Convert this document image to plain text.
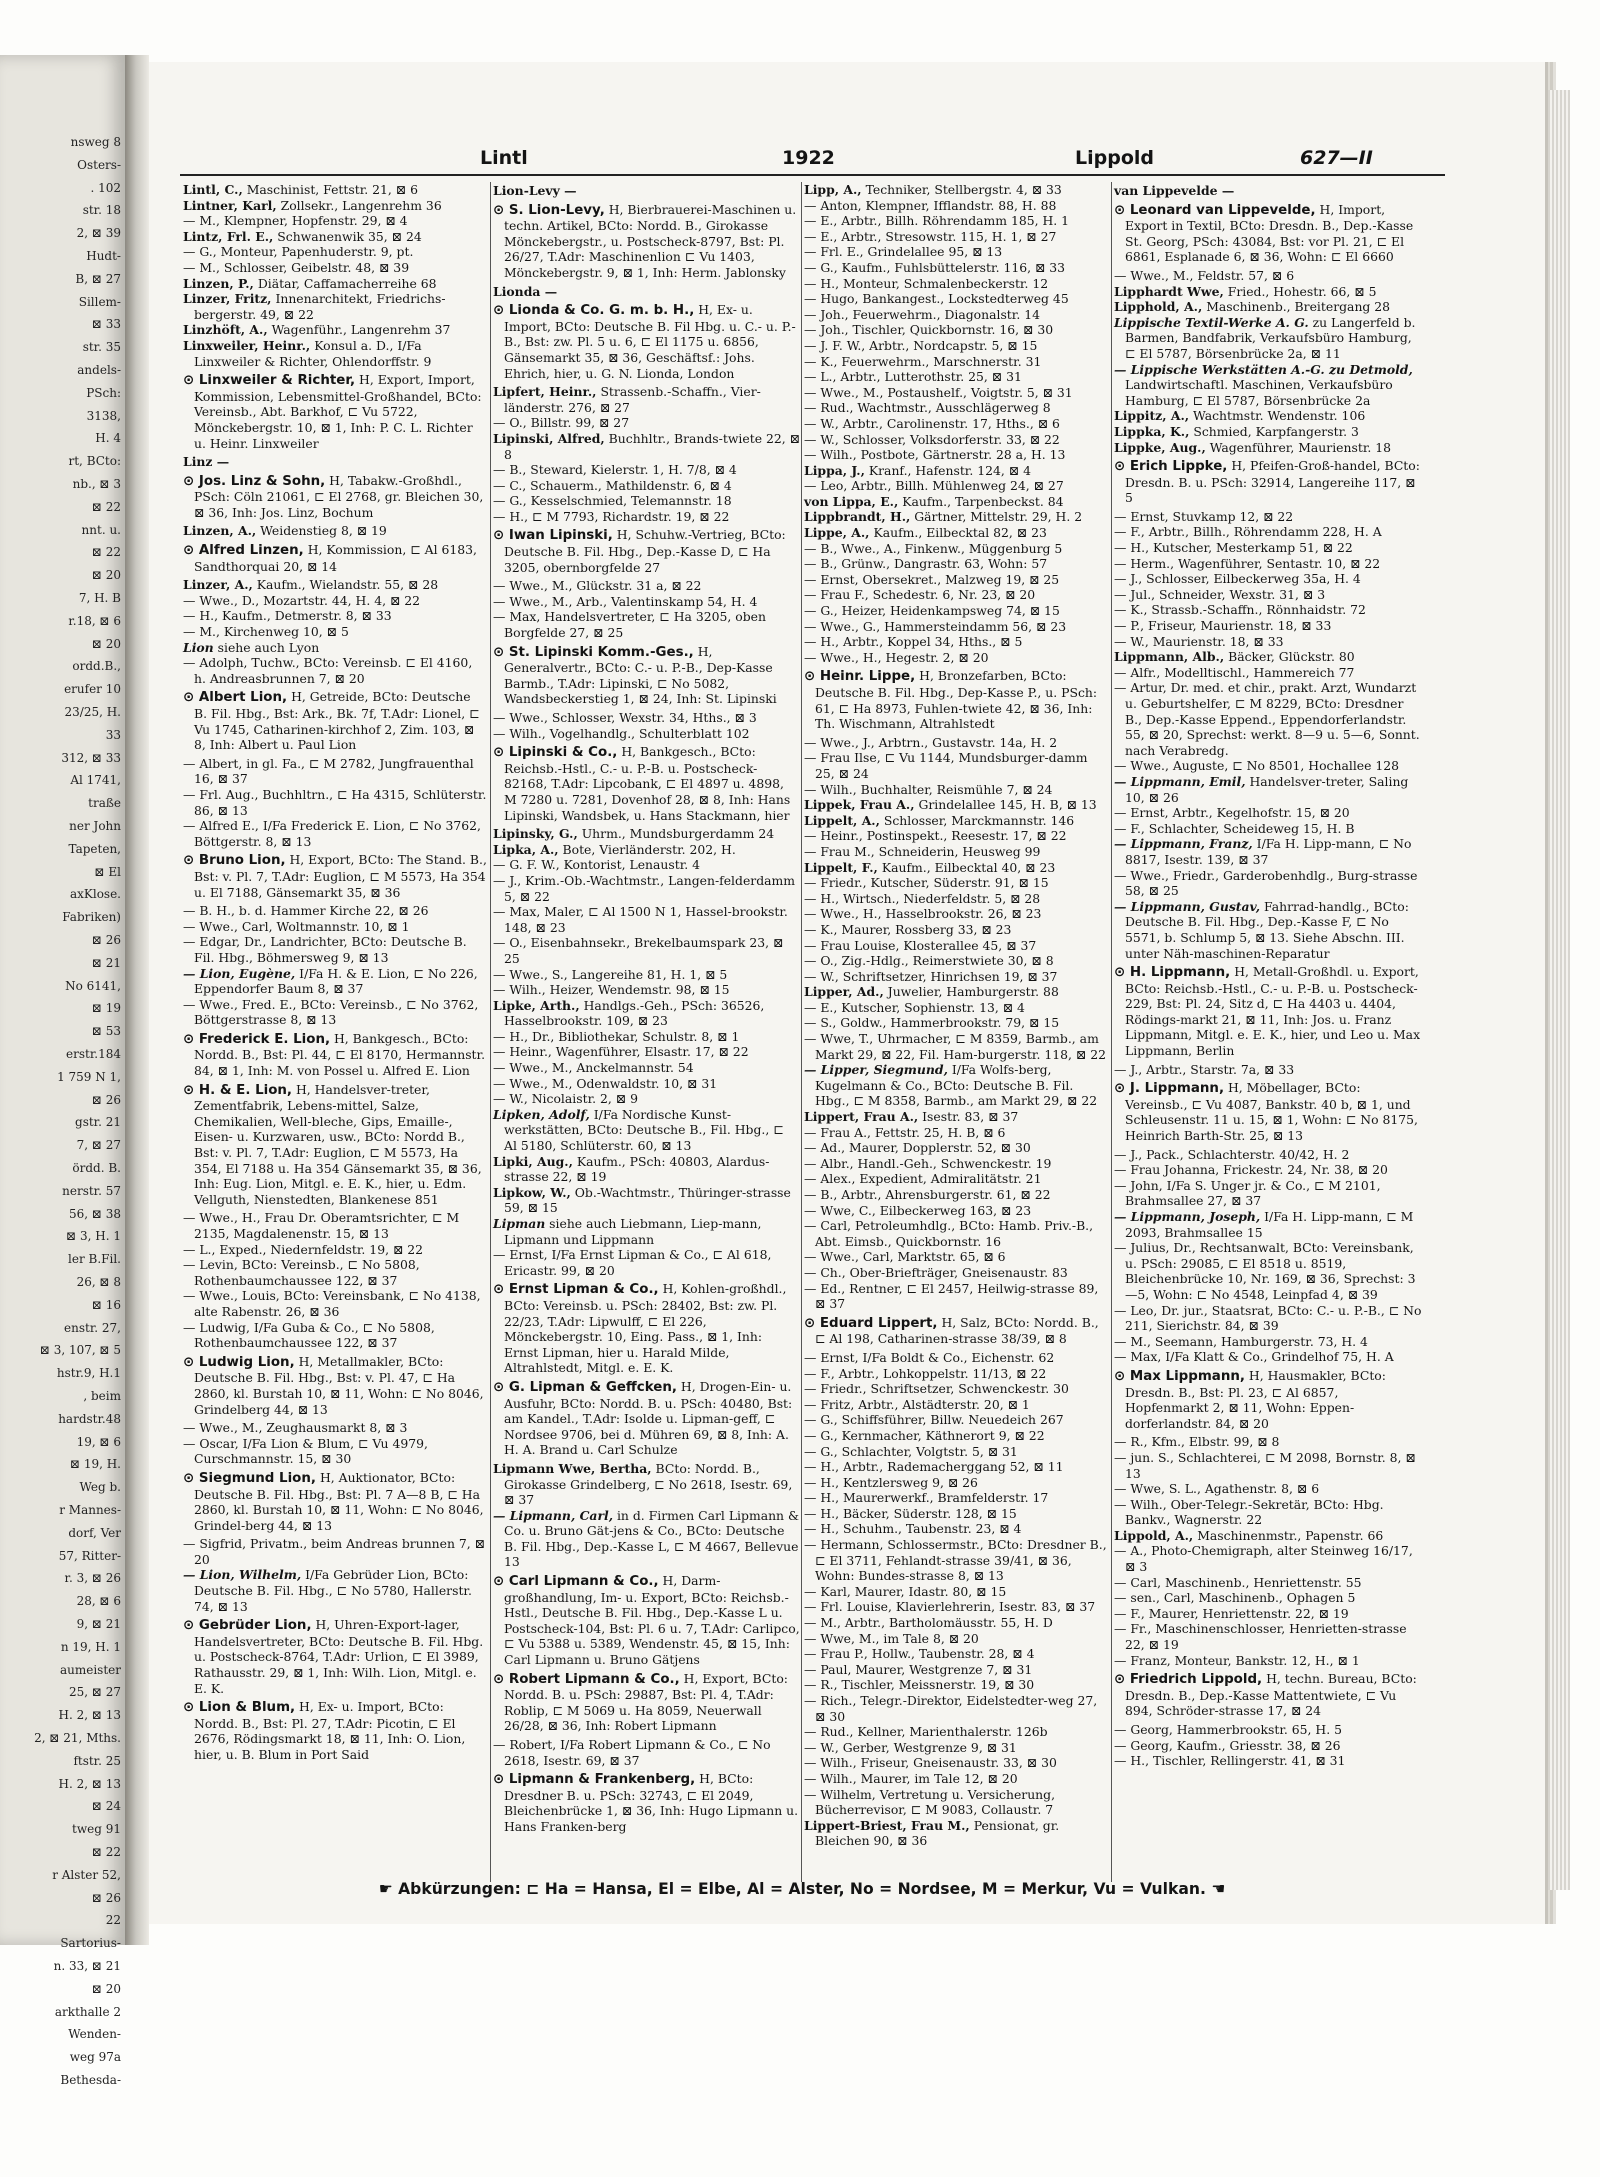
nsweg 8
Osters-
. 102
str. 18
2, ⊠ 39
Hudt-
B, ⊠ 27
Sillem-
⊠ 33
str. 35
andels-
PSch:
3138,
H. 4
rt, BCto:
nb., ⊠ 3
⊠ 22
nnt. u.
⊠ 22
⊠ 20
7, H. B
r.18, ⊠ 6
⊠ 20
ordd.B.,
erufer 10
23/25, H.
33
312, ⊠ 33
Al 1741,
traße
ner John
Tapeten,
⊠ El
axKlose.
Fabriken)
⊠ 26
⊠ 21
No 6141,
⊠ 19
⊠ 53
erstr.184
1 759 N 1,
⊠ 26
gstr. 21
7, ⊠ 27
ördd. B.
nerstr. 57
56, ⊠ 38
⊠ 3, H. 1
ler B.Fil.
26, ⊠ 8
⊠ 16
enstr. 27,
⊠ 3, 107, ⊠ 5
hstr.9, H.1
, beim
hardstr.48
19, ⊠ 6
⊠ 19, H.
Weg b.
r Mannes-
dorf, Ver
57, Ritter-
r. 3, ⊠ 26
28, ⊠ 6
9, ⊠ 21
n 19, H. 1
aumeister
25, ⊠ 27
H. 2, ⊠ 13
2, ⊠ 21, Mths.
ftstr. 25
H. 2, ⊠ 13
⊠ 24
tweg 91
⊠ 22
r Alster 52,
⊠ 26
22
Sartorius-
n. 33, ⊠ 21
⊠ 20
arkthalle 2
Wenden-
weg 97a
Bethesda-
Lintl	1922	Lippold	627—II
Lintl, C., Maschinist, Fettstr. 21, ⊠ 6
Lintner, Karl, Zollsekr., Langenrehm 36
— M., Klempner, Hopfenstr. 29, ⊠ 4
Lintz, Frl. E., Schwanenwik 35, ⊠ 24
— G., Monteur, Papenhuderstr. 9, pt.
— M., Schlosser, Geibelstr. 48, ⊠ 39
Linzen, P., Diätar, Caffamacherreihe 68
Linzer, Fritz, Innenarchitekt, Friedrichs-bergerstr. 49, ⊠ 22
Linzhöft, A., Wagenführ., Langenrehm 37
Linxweiler, Heinr., Konsul a. D., I/Fa Linxweiler & Richter, Ohlendorffstr. 9
⊙ Linxweiler & Richter, H, Export, Import, Kommission, Lebensmittel-Großhandel, BCto: Vereinsb., Abt. Barkhof, ⊏ Vu 5722, Mönckebergstr. 10, ⊠ 1, Inh: P. C. L. Richter u. Heinr. Linxweiler
Linz —
⊙ Jos. Linz & Sohn, H, Tabakw.-Großhdl., PSch: Cöln 21061, ⊏ El 2768, gr. Bleichen 30, ⊠ 36, Inh: Jos. Linz, Bochum
Linzen, A., Weidenstieg 8, ⊠ 19
⊙ Alfred Linzen, H, Kommission, ⊏ Al 6183, Sandthorquai 20, ⊠ 14
Linzer, A., Kaufm., Wielandstr. 55, ⊠ 28
— Wwe., D., Mozartstr. 44, H. 4, ⊠ 22
— H., Kaufm., Detmerstr. 8, ⊠ 33
— M., Kirchenweg 10, ⊠ 5
Lion siehe auch Lyon
— Adolph, Tuchw., BCto: Vereinsb. ⊏ El 4160, h. Andreasbrunnen 7, ⊠ 20
⊙ Albert Lion, H, Getreide, BCto: Deutsche B. Fil. Hbg., Bst: Ark., Bk. 7f, T.Adr: Lionel, ⊏ Vu 1745, Catharinen-kirchhof 2, Zim. 103, ⊠ 8, Inh: Albert u. Paul Lion
— Albert, in gl. Fa., ⊏ M 2782, Jungfrauenthal 16, ⊠ 37
— Frl. Aug., Buchhltrn., ⊏ Ha 4315, Schlüterstr. 86, ⊠ 13
— Alfred E., I/Fa Frederick E. Lion, ⊏ No 3762, Böttgerstr. 8, ⊠ 13
⊙ Bruno Lion, H, Export, BCto: The Stand. B., Bst: v. Pl. 7, T.Adr: Euglion, ⊏ M 5573, Ha 354 u. El 7188, Gänsemarkt 35, ⊠ 36
— B. H., b. d. Hammer Kirche 22, ⊠ 26
— Wwe., Carl, Woltmannstr. 10, ⊠ 1
— Edgar, Dr., Landrichter, BCto: Deutsche B. Fil. Hbg., Böhmersweg 9, ⊠ 13
— Lion, Eugène, I/Fa H. & E. Lion, ⊏ No 226, Eppendorfer Baum 8, ⊠ 37
— Wwe., Fred. E., BCto: Vereinsb., ⊏ No 3762, Böttgerstrasse 8, ⊠ 13
⊙ Frederick E. Lion, H, Bankgesch., BCto: Nordd. B., Bst: Pl. 44, ⊏ El 8170, Hermannstr. 84, ⊠ 1, Inh: M. von Possel u. Alfred E. Lion
⊙ H. & E. Lion, H, Handelsver-treter, Zementfabrik, Lebens-mittel, Salze, Chemikalien, Well-bleche, Gips, Emaille-, Eisen- u. Kurzwaren, usw., BCto: Nordd B., Bst: v. Pl. 7, T.Adr: Euglion, ⊏ M 5573, Ha 354, El 7188 u. Ha 354 Gänsemarkt 35, ⊠ 36, Inh: Eug. Lion, Mitgl. e. E. K., hier, u. Edm. Vellguth, Nienstedten, Blankenese 851
— Wwe., H., Frau Dr. Oberamtsrichter, ⊏ M 2135, Magdalenenstr. 15, ⊠ 13
— L., Exped., Niedernfeldstr. 19, ⊠ 22
— Levin, BCto: Vereinsb., ⊏ No 5808, Rothenbaumchaussee 122, ⊠ 37
— Wwe., Louis, BCto: Vereinsbank, ⊏ No 4138, alte Rabenstr. 26, ⊠ 36
— Ludwig, I/Fa Guba & Co., ⊏ No 5808, Rothenbaumchaussee 122, ⊠ 37
⊙ Ludwig Lion, H, Metallmakler, BCto: Deutsche B. Fil. Hbg., Bst: v. Pl. 47, ⊏ Ha 2860, kl. Burstah 10, ⊠ 11, Wohn: ⊏ No 8046, Grindelberg 44, ⊠ 13
— Wwe., M., Zeughausmarkt 8, ⊠ 3
— Oscar, I/Fa Lion & Blum, ⊏ Vu 4979, Curschmannstr. 15, ⊠ 30
⊙ Siegmund Lion, H, Auktionator, BCto: Deutsche B. Fil. Hbg., Bst: Pl. 7 A—8 B, ⊏ Ha 2860, kl. Burstah 10, ⊠ 11, Wohn: ⊏ No 8046, Grindel-berg 44, ⊠ 13
— Sigfrid, Privatm., beim Andreas brunnen 7, ⊠ 20
— Lion, Wilhelm, I/Fa Gebrüder Lion, BCto: Deutsche B. Fil. Hbg., ⊏ No 5780, Hallerstr. 74, ⊠ 13
⊙ Gebrüder Lion, H, Uhren-Export-lager, Handelsvertreter, BCto: Deutsche B. Fil. Hbg. u. Postscheck-8764, T.Adr: Urlion, ⊏ El 3989, Rathausstr. 29, ⊠ 1, Inh: Wilh. Lion, Mitgl. e. E. K.
⊙ Lion & Blum, H, Ex- u. Import, BCto: Nordd. B., Bst: Pl. 27, T.Adr: Picotin, ⊏ El 2676, Rödingsmarkt 18, ⊠ 11, Inh: O. Lion, hier, u. B. Blum in Port Said
Lion-Levy —
⊙ S. Lion-Levy, H, Bierbrauerei-Maschinen u. techn. Artikel, BCto: Nordd. B., Girokasse Mönckebergstr., u. Postscheck-8797, Bst: Pl. 26/27, T.Adr: Maschinenlion ⊏ Vu 1403, Mönckebergstr. 9, ⊠ 1, Inh: Herm. Jablonsky
Lionda —
⊙ Lionda & Co. G. m. b. H., H, Ex- u. Import, BCto: Deutsche B. Fil Hbg. u. C.- u. P.-B., Bst: zw. Pl. 5 u. 6, ⊏ El 1175 u. 6856, Gänsemarkt 35, ⊠ 36, Geschäftsf.: Johs. Ehrich, hier, u. G. N. Lionda, London
Lipfert, Heinr., Strassenb.-Schaffn., Vier-länderstr. 276, ⊠ 27
— O., Billstr. 99, ⊠ 27
Lipinski, Alfred, Buchhltr., Brands-twiete 22, ⊠ 8
— B., Steward, Kielerstr. 1, H. 7/8, ⊠ 4
— C., Schauerm., Mathildenstr. 6, ⊠ 4
— G., Kesselschmied, Telemannstr. 18
— H., ⊏ M 7793, Richardstr. 19, ⊠ 22
⊙ Iwan Lipinski, H, Schuhw.-Vertrieg, BCto: Deutsche B. Fil. Hbg., Dep.-Kasse D, ⊏ Ha 3205, obernborgfelde 27
— Wwe., M., Glückstr. 31 a, ⊠ 22
— Wwe., M., Arb., Valentinskamp 54, H. 4
— Max, Handelsvertreter, ⊏ Ha 3205, oben Borgfelde 27, ⊠ 25
⊙ St. Lipinski Komm.-Ges., H, Generalvertr., BCto: C.- u. P.-B., Dep-Kasse Barmb., T.Adr: Lipinski, ⊏ No 5082, Wandsbeckerstieg 1, ⊠ 24, Inh: St. Lipinski
— Wwe., Schlosser, Wexstr. 34, Hths., ⊠ 3
— Wilh., Vogelhandlg., Schulterblatt 102
⊙ Lipinski & Co., H, Bankgesch., BCto: Reichsb.-Hstl., C.- u. P.-B. u. Postscheck-82168, T.Adr: Lipcobank, ⊏ El 4897 u. 4898, M 7280 u. 7281, Dovenhof 28, ⊠ 8, Inh: Hans Lipinski, Wandsbek, u. Hans Stackmann, hier
Lipinsky, G., Uhrm., Mundsburgerdamm 24
Lipka, A., Bote, Vierländerstr. 202, H.
— G. F. W., Kontorist, Lenaustr. 4
— J., Krim.-Ob.-Wachtmstr., Langen-felderdamm 5, ⊠ 22
— Max, Maler, ⊏ Al 1500 N 1, Hassel-brookstr. 148, ⊠ 23
— O., Eisenbahnsekr., Brekelbaumspark 23, ⊠ 25
— Wwe., S., Langereihe 81, H. 1, ⊠ 5
— Wilh., Heizer, Wendemstr. 98, ⊠ 15
Lipke, Arth., Handlgs.-Geh., PSch: 36526, Hasselbrookstr. 109, ⊠ 23
— H., Dr., Bibliothekar, Schulstr. 8, ⊠ 1
— Heinr., Wagenführer, Elsastr. 17, ⊠ 22
— Wwe., M., Anckelmannstr. 54
— Wwe., M., Odenwaldstr. 10, ⊠ 31
— W., Nicolaistr. 2, ⊠ 9
Lipken, Adolf, I/Fa Nordische Kunst-werkstätten, BCto: Deutsche B., Fil. Hbg., ⊏ Al 5180, Schlüterstr. 60, ⊠ 13
Lipki, Aug., Kaufm., PSch: 40803, Alardus-strasse 22, ⊠ 19
Lipkow, W., Ob.-Wachtmstr., Thüringer-strasse 59, ⊠ 15
Lipman siehe auch Liebmann, Liep-mann, Lipmann und Lippmann
— Ernst, I/Fa Ernst Lipman & Co., ⊏ Al 618, Ericastr. 99, ⊠ 20
⊙ Ernst Lipman & Co., H, Kohlen-großhdl., BCto: Vereinsb. u. PSch: 28402, Bst: zw. Pl. 22/23, T.Adr: Lipwulff, ⊏ El 226, Mönckebergstr. 10, Eing. Pass., ⊠ 1, Inh: Ernst Lipman, hier u. Harald Milde, Altrahlstedt, Mitgl. e. E. K.
⊙ G. Lipman & Geffcken, H, Drogen-Ein- u. Ausfuhr, BCto: Nordd. B. u. PSch: 40480, Bst: am Kandel., T.Adr: Isolde u. Lipman-geff, ⊏ Nordsee 9706, bei d. Mühren 69, ⊠ 8, Inh: A. H. A. Brand u. Carl Schulze
Lipmann Wwe, Bertha, BCto: Nordd. B., Girokasse Grindelberg, ⊏ No 2618, Isestr. 69, ⊠ 37
— Lipmann, Carl, in d. Firmen Carl Lipmann & Co. u. Bruno Gät-jens & Co., BCto: Deutsche B. Fil. Hbg., Dep.-Kasse L, ⊏ M 4667, Bellevue 13
⊙ Carl Lipmann & Co., H, Darm-großhandlung, Im- u. Export, BCto: Reichsb.-Hstl., Deutsche B. Fil. Hbg., Dep.-Kasse L u. Postscheck-104, Bst: Pl. 6 u. 7, T.Adr: Carlipco, ⊏ Vu 5388 u. 5389, Wendenstr. 45, ⊠ 15, Inh: Carl Lipmann u. Bruno Gätjens
⊙ Robert Lipmann & Co., H, Export, BCto: Nordd. B. u. PSch: 29887, Bst: Pl. 4, T.Adr: Roblip, ⊏ M 5069 u. Ha 8059, Neuerwall 26/28, ⊠ 36, Inh: Robert Lipmann
— Robert, I/Fa Robert Lipmann & Co., ⊏ No 2618, Isestr. 69, ⊠ 37
⊙ Lipmann & Frankenberg, H, BCto: Dresdner B. u. PSch: 32743, ⊏ El 2049, Bleichenbrücke 1, ⊠ 36, Inh: Hugo Lipmann u. Hans Franken-berg
Lipp, A., Techniker, Stellbergstr. 4, ⊠ 33
— Anton, Klempner, Ifflandstr. 88, H. 88
— E., Arbtr., Billh. Röhrendamm 185, H. 1
— E., Arbtr., Stresowstr. 115, H. 1, ⊠ 27
— Frl. E., Grindelallee 95, ⊠ 13
— G., Kaufm., Fuhlsbüttelerstr. 116, ⊠ 33
— H., Monteur, Schmalenbeckerstr. 12
— Hugo, Bankangest., Lockstedterweg 45
— Joh., Feuerwehrm., Diagonalstr. 14
— Joh., Tischler, Quickbornstr. 16, ⊠ 30
— J. F. W., Arbtr., Nordcapstr. 5, ⊠ 15
— K., Feuerwehrm., Marschnerstr. 31
— L., Arbtr., Lutterothstr. 25, ⊠ 31
— Wwe., M., Postaushelf., Voigtstr. 5, ⊠ 31
— Rud., Wachtmstr., Ausschlägerweg 8
— W., Arbtr., Carolinenstr. 17, Hths., ⊠ 6
— W., Schlosser, Volksdorferstr. 33, ⊠ 22
— Wilh., Postbote, Gärtnerstr. 28 a, H. 13
Lippa, J., Kranf., Hafenstr. 124, ⊠ 4
— Leo, Arbtr., Billh. Mühlenweg 24, ⊠ 27
von Lippa, E., Kaufm., Tarpenbeckst. 84
Lippbrandt, H., Gärtner, Mittelstr. 29, H. 2
Lippe, A., Kaufm., Eilbecktal 82, ⊠ 23
— B., Wwe., A., Finkenw., Müggenburg 5
— B., Grünw., Dangrastr. 63, Wohn: 57
— Ernst, Obersekret., Malzweg 19, ⊠ 25
— Frau F., Schedestr. 6, Nr. 23, ⊠ 20
— G., Heizer, Heidenkampsweg 74, ⊠ 15
— Wwe., G., Hammersteindamm 56, ⊠ 23
— H., Arbtr., Koppel 34, Hths., ⊠ 5
— Wwe., H., Hegestr. 2, ⊠ 20
⊙ Heinr. Lippe, H, Bronzefarben, BCto: Deutsche B. Fil. Hbg., Dep-Kasse P., u. PSch: 61, ⊏ Ha 8973, Fuhlen-twiete 42, ⊠ 36, Inh: Th. Wischmann, Altrahlstedt
— Wwe., J., Arbtrn., Gustavstr. 14a, H. 2
— Frau Ilse, ⊏ Vu 1144, Mundsburger-damm 25, ⊠ 24
— Wilh., Buchhalter, Reismühle 7, ⊠ 24
Lippek, Frau A., Grindelallee 145, H. B, ⊠ 13
Lippelt, A., Schlosser, Marckmannstr. 146
— Heinr., Postinspekt., Reesestr. 17, ⊠ 22
— Frau M., Schneiderin, Heusweg 99
Lippelt, F., Kaufm., Eilbecktal 40, ⊠ 23
— Friedr., Kutscher, Süderstr. 91, ⊠ 15
— H., Wirtsch., Niederfeldstr. 5, ⊠ 28
— Wwe., H., Hasselbrookstr. 26, ⊠ 23
— K., Maurer, Rossberg 33, ⊠ 23
— Frau Louise, Klosterallee 45, ⊠ 37
— O., Zig.-Hdlg., Reimerstwiete 30, ⊠ 8
— W., Schriftsetzer, Hinrichsen 19, ⊠ 37
Lipper, Ad., Juwelier, Hamburgerstr. 88
— E., Kutscher, Sophienstr. 13, ⊠ 4
— S., Goldw., Hammerbrookstr. 79, ⊠ 15
— Wwe, T., Uhrmacher, ⊏ M 8359, Barmb., am Markt 29, ⊠ 22, Fil. Ham-burgerstr. 118, ⊠ 22
— Lipper, Siegmund, I/Fa Wolfs-berg, Kugelmann & Co., BCto: Deutsche B. Fil. Hbg., ⊏ M 8358, Barmb., am Markt 29, ⊠ 22
Lippert, Frau A., Isestr. 83, ⊠ 37
— Frau A., Fettstr. 25, H. B, ⊠ 6
— Ad., Maurer, Dopplerstr. 52, ⊠ 30
— Albr., Handl.-Geh., Schwenckestr. 19
— Alex., Expedient, Admiralitätstr. 21
— B., Arbtr., Ahrensburgerstr. 61, ⊠ 22
— Wwe, C., Eilbeckerweg 163, ⊠ 23
— Carl, Petroleumhdlg., BCto: Hamb. Priv.-B., Abt. Eimsb., Quickbornstr. 16
— Wwe., Carl, Marktstr. 65, ⊠ 6
— Ch., Ober-Briefträger, Gneisenaustr. 83
— Ed., Rentner, ⊏ El 2457, Heilwig-strasse 89, ⊠ 37
⊙ Eduard Lippert, H, Salz, BCto: Nordd. B., ⊏ Al 198, Catharinen-strasse 38/39, ⊠ 8
— Ernst, I/Fa Boldt & Co., Eichenstr. 62
— F., Arbtr., Lohkoppelstr. 11/13, ⊠ 22
— Friedr., Schriftsetzer, Schwenckestr. 30
— Fritz, Arbtr., Alstädterstr. 20, ⊠ 1
— G., Schiffsführer, Billw. Neuedeich 267
— G., Kernmacher, Käthnerort 9, ⊠ 22
— G., Schlachter, Volgtstr. 5, ⊠ 31
— H., Arbtr., Rademacherggang 52, ⊠ 11
— H., Kentzlersweg 9, ⊠ 26
— H., Maurerwerkf., Bramfelderstr. 17
— H., Bäcker, Süderstr. 128, ⊠ 15
— H., Schuhm., Taubenstr. 23, ⊠ 4
— Hermann, Schlossermstr., BCto: Dresdner B., ⊏ El 3711, Fehlandt-strasse 39/41, ⊠ 36, Wohn: Bundes-strasse 8, ⊠ 13
— Karl, Maurer, Idastr. 80, ⊠ 15
— Frl. Louise, Klavierlehrerin, Isestr. 83, ⊠ 37
— M., Arbtr., Bartholomäusstr. 55, H. D
— Wwe, M., im Tale 8, ⊠ 20
— Frau P., Hollw., Taubenstr. 28, ⊠ 4
— Paul, Maurer, Westgrenze 7, ⊠ 31
— R., Tischler, Meissnerstr. 19, ⊠ 30
— Rich., Telegr.-Direktor, Eidelstedter-weg 27, ⊠ 30
— Rud., Kellner, Marienthalerstr. 126b
— W., Gerber, Westgrenze 9, ⊠ 31
— Wilh., Friseur, Gneisenaustr. 33, ⊠ 30
— Wilh., Maurer, im Tale 12, ⊠ 20
— Wilhelm, Vertretung u. Versicherung, Bücherrevisor, ⊏ M 9083, Collaustr. 7
Lippert-Briest, Frau M., Pensionat, gr. Bleichen 90, ⊠ 36
van Lippevelde —
⊙ Leonard van Lippevelde, H, Import, Export in Textil, BCto: Dresdn. B., Dep.-Kasse St. Georg, PSch: 43084, Bst: vor Pl. 21, ⊏ El 6861, Esplanade 6, ⊠ 36, Wohn: ⊏ El 6660
— Wwe., M., Feldstr. 57, ⊠ 6
Lipphardt Wwe, Fried., Hohestr. 66, ⊠ 5
Lipphold, A., Maschinenb., Breitergang 28
Lippische Textil-Werke A. G. zu Langerfeld b. Barmen, Bandfabrik, Verkaufsbüro Hamburg, ⊏ El 5787, Börsenbrücke 2a, ⊠ 11
— Lippische Werkstätten A.-G. zu Detmold, Landwirtschaftl. Maschinen, Verkaufsbüro Hamburg, ⊏ El 5787, Börsenbrücke 2a
Lippitz, A., Wachtmstr. Wendenstr. 106
Lippka, K., Schmied, Karpfangerstr. 3
Lippke, Aug., Wagenführer, Maurienstr. 18
⊙ Erich Lippke, H, Pfeifen-Groß-handel, BCto: Dresdn. B. u. PSch: 32914, Langereihe 117, ⊠ 5
— Ernst, Stuvkamp 12, ⊠ 22
— F., Arbtr., Billh., Röhrendamm 228, H. A
— H., Kutscher, Mesterkamp 51, ⊠ 22
— Herm., Wagenführer, Sentastr. 10, ⊠ 22
— J., Schlosser, Eilbeckerweg 35a, H. 4
— Jul., Schneider, Wexstr. 31, ⊠ 3
— K., Strassb.-Schaffn., Rönnhaidstr. 72
— P., Friseur, Maurienstr. 18, ⊠ 33
— W., Maurienstr. 18, ⊠ 33
Lippmann, Alb., Bäcker, Glückstr. 80
— Alfr., Modelltischl., Hammereich 77
— Artur, Dr. med. et chir., prakt. Arzt, Wundarzt u. Geburtshelfer, ⊏ M 8229, BCto: Dresdner B., Dep.-Kasse Eppend., Eppendorferlandstr. 55, ⊠ 20, Sprechst: werkt. 8—9 u. 5—6, Sonnt. nach Verabredg.
— Wwe., Auguste, ⊏ No 8501, Hochallee 128
— Lippmann, Emil, Handelsver-treter, Saling 10, ⊠ 26
— Ernst, Arbtr., Kegelhofstr. 15, ⊠ 20
— F., Schlachter, Scheideweg 15, H. B
— Lippmann, Franz, I/Fa H. Lipp-mann, ⊏ No 8817, Isestr. 139, ⊠ 37
— Wwe., Friedr., Garderobenhdlg., Burg-strasse 58, ⊠ 25
— Lippmann, Gustav, Fahrrad-handlg., BCto: Deutsche B. Fil. Hbg., Dep.-Kasse F, ⊏ No 5571, b. Schlump 5, ⊠ 13. Siehe Abschn. III. unter Näh-maschinen-Reparatur
⊙ H. Lippmann, H, Metall-Großhdl. u. Export, BCto: Reichsb.-Hstl., C.- u. P.-B. u. Postscheck-229, Bst: Pl. 24, Sitz d, ⊏ Ha 4403 u. 4404, Rödings-markt 21, ⊠ 11, Inh: Jos. u. Franz Lippmann, Mitgl. e. E. K., hier, und Leo u. Max Lippmann, Berlin
— J., Arbtr., Starstr. 7a, ⊠ 33
⊙ J. Lippmann, H, Möbellager, BCto: Vereinsb., ⊏ Vu 4087, Bankstr. 40 b, ⊠ 1, und Schleusenstr. 11 u. 15, ⊠ 1, Wohn: ⊏ No 8175, Heinrich Barth-Str. 25, ⊠ 13
— J., Pack., Schlachterstr. 40/42, H. 2
— Frau Johanna, Frickestr. 24, Nr. 38, ⊠ 20
— John, I/Fa S. Unger jr. & Co., ⊏ M 2101, Brahmsallee 27, ⊠ 37
— Lippmann, Joseph, I/Fa H. Lipp-mann, ⊏ M 2093, Brahmsallee 15
— Julius, Dr., Rechtsanwalt, BCto: Vereinsbank, u. PSch: 29085, ⊏ El 8518 u. 8519, Bleichenbrücke 10, Nr. 169, ⊠ 36, Sprechst: 3—5, Wohn: ⊏ No 4548, Leinpfad 4, ⊠ 39
— Leo, Dr. jur., Staatsrat, BCto: C.- u. P.-B., ⊏ No 211, Sierichstr. 84, ⊠ 39
— M., Seemann, Hamburgerstr. 73, H. 4
— Max, I/Fa Klatt & Co., Grindelhof 75, H. A
⊙ Max Lippmann, H, Hausmakler, BCto: Dresdn. B., Bst: Pl. 23, ⊏ Al 6857, Hopfenmarkt 2, ⊠ 11, Wohn: Eppen-dorferlandstr. 84, ⊠ 20
— R., Kfm., Elbstr. 99, ⊠ 8
— jun. S., Schlachterei, ⊏ M 2098, Bornstr. 8, ⊠ 13
— Wwe, S. L., Agathenstr. 8, ⊠ 6
— Wilh., Ober-Telegr.-Sekretär, BCto: Hbg. Bankv., Wagnerstr. 22
Lippold, A., Maschinenmstr., Papenstr. 66
— A., Photo-Chemigraph, alter Steinweg 16/17, ⊠ 3
— Carl, Maschinenb., Henriettenstr. 55
— sen., Carl, Maschinenb., Ophagen 5
— F., Maurer, Henriettenstr. 22, ⊠ 19
— Fr., Maschinenschlosser, Henrietten-strasse 22, ⊠ 19
— Franz, Monteur, Bankstr. 12, H., ⊠ 1
⊙ Friedrich Lippold, H, techn. Bureau, BCto: Dresdn. B., Dep.-Kasse Mattentwiete, ⊏ Vu 894, Schröder-strasse 17, ⊠ 24
— Georg, Hammerbrookstr. 65, H. 5
— Georg, Kaufm., Griesstr. 38, ⊠ 26
— H., Tischler, Rellingerstr. 41, ⊠ 31
☛ Abkürzungen: ⊏ Ha = Hansa, El = Elbe, Al = Alster, No = Nordsee, M = Merkur, Vu = Vulkan. ☚
